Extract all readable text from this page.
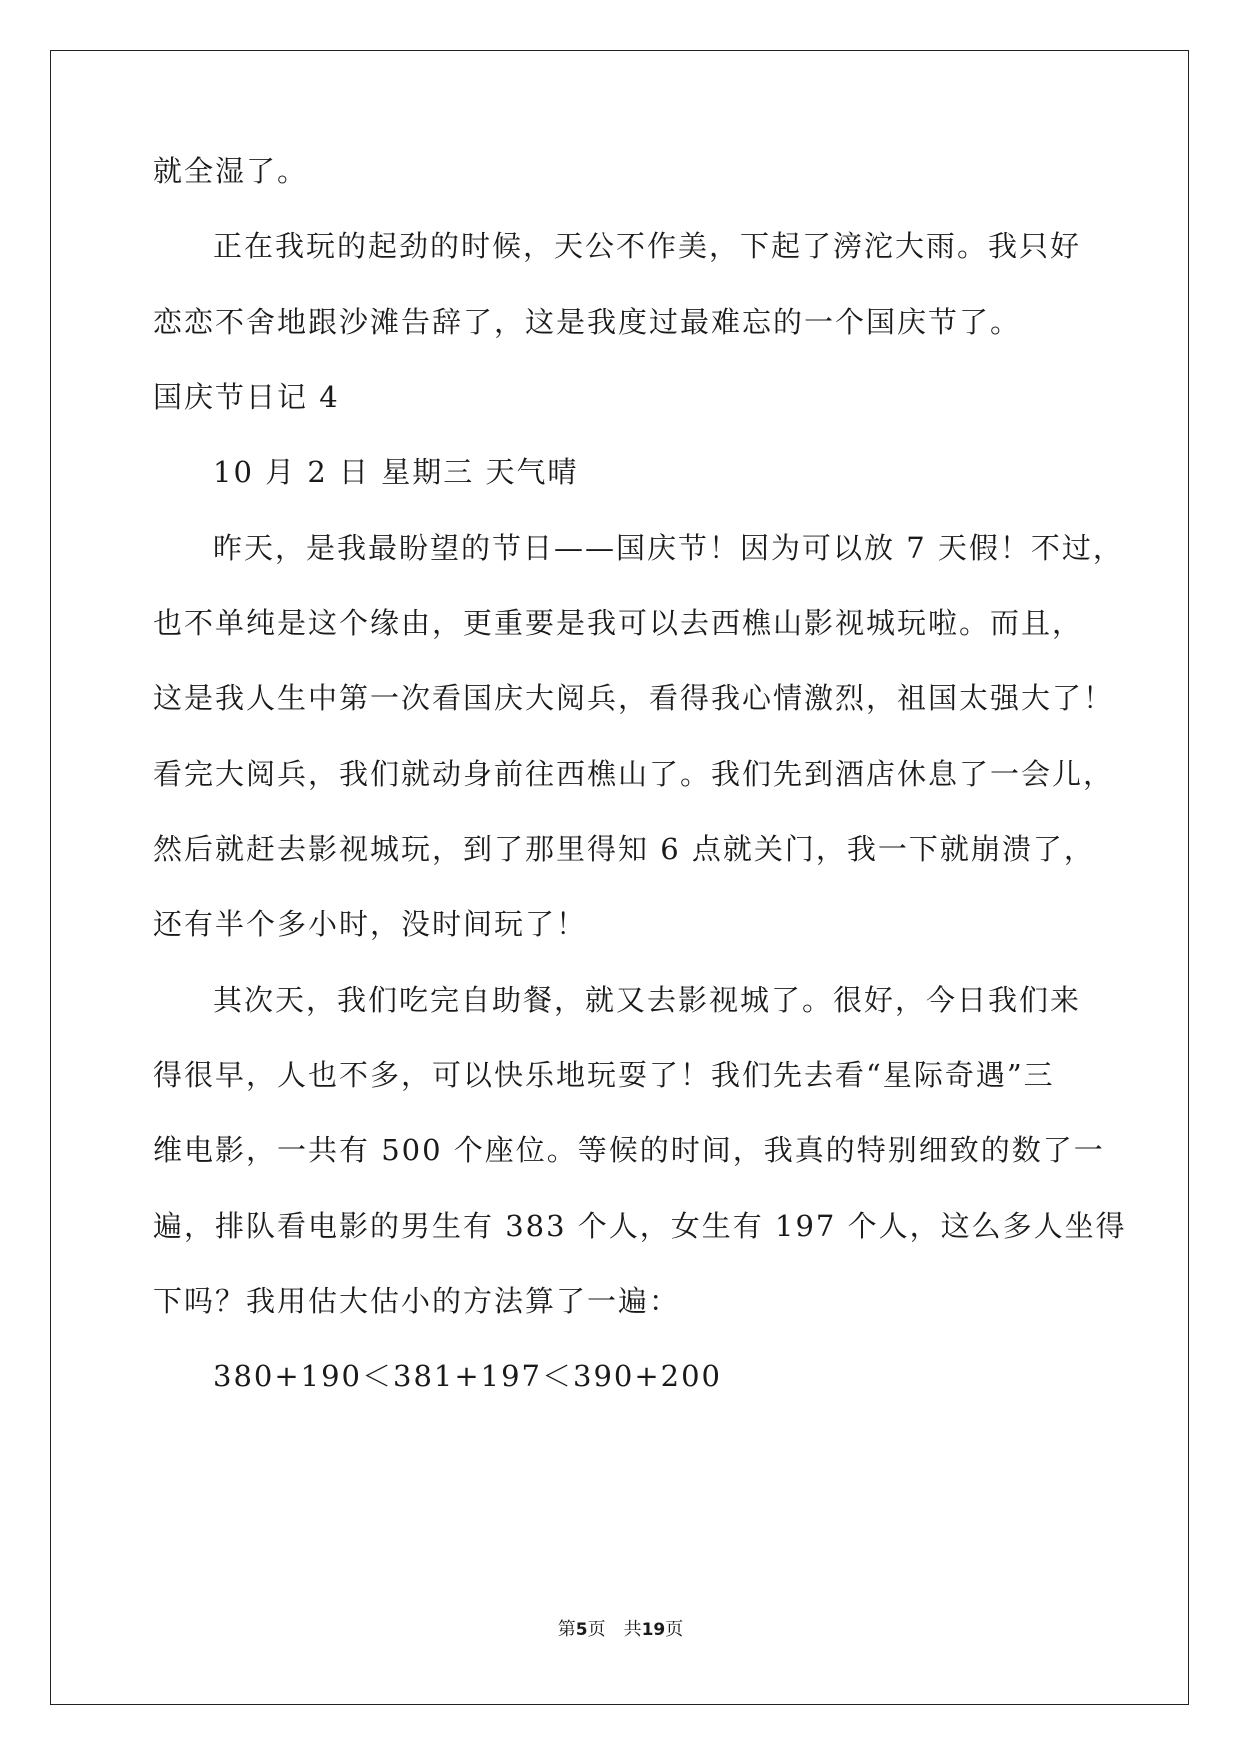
就全湿了。
正在我玩的起劲的时候，天公不作美，下起了滂沱大雨。我只好
恋恋不舍地跟沙滩告辞了，这是我度过最难忘的一个国庆节了。
国庆节日记 4
10 月 2 日 星期三 天气晴
昨天，是我最盼望的节日——国庆节！因为可以放 7 天假！不过，
也不单纯是这个缘由，更重要是我可以去西樵山影视城玩啦。而且，
这是我人生中第一次看国庆大阅兵，看得我心情激烈，祖国太强大了！
看完大阅兵，我们就动身前往西樵山了。我们先到酒店休息了一会儿，
然后就赶去影视城玩，到了那里得知 6 点就关门，我一下就崩溃了，
还有半个多小时，没时间玩了！
其次天，我们吃完自助餐，就又去影视城了。很好，今日我们来
得很早，人也不多，可以快乐地玩耍了！我们先去看“星际奇遇”三
维电影，一共有 500 个座位。等候的时间，我真的特别细致的数了一
遍，排队看电影的男生有 383 个人，女生有 197 个人，这么多人坐得
下吗？我用估大估小的方法算了一遍：
380+190＜381+197＜390+200
第5页 共19页
